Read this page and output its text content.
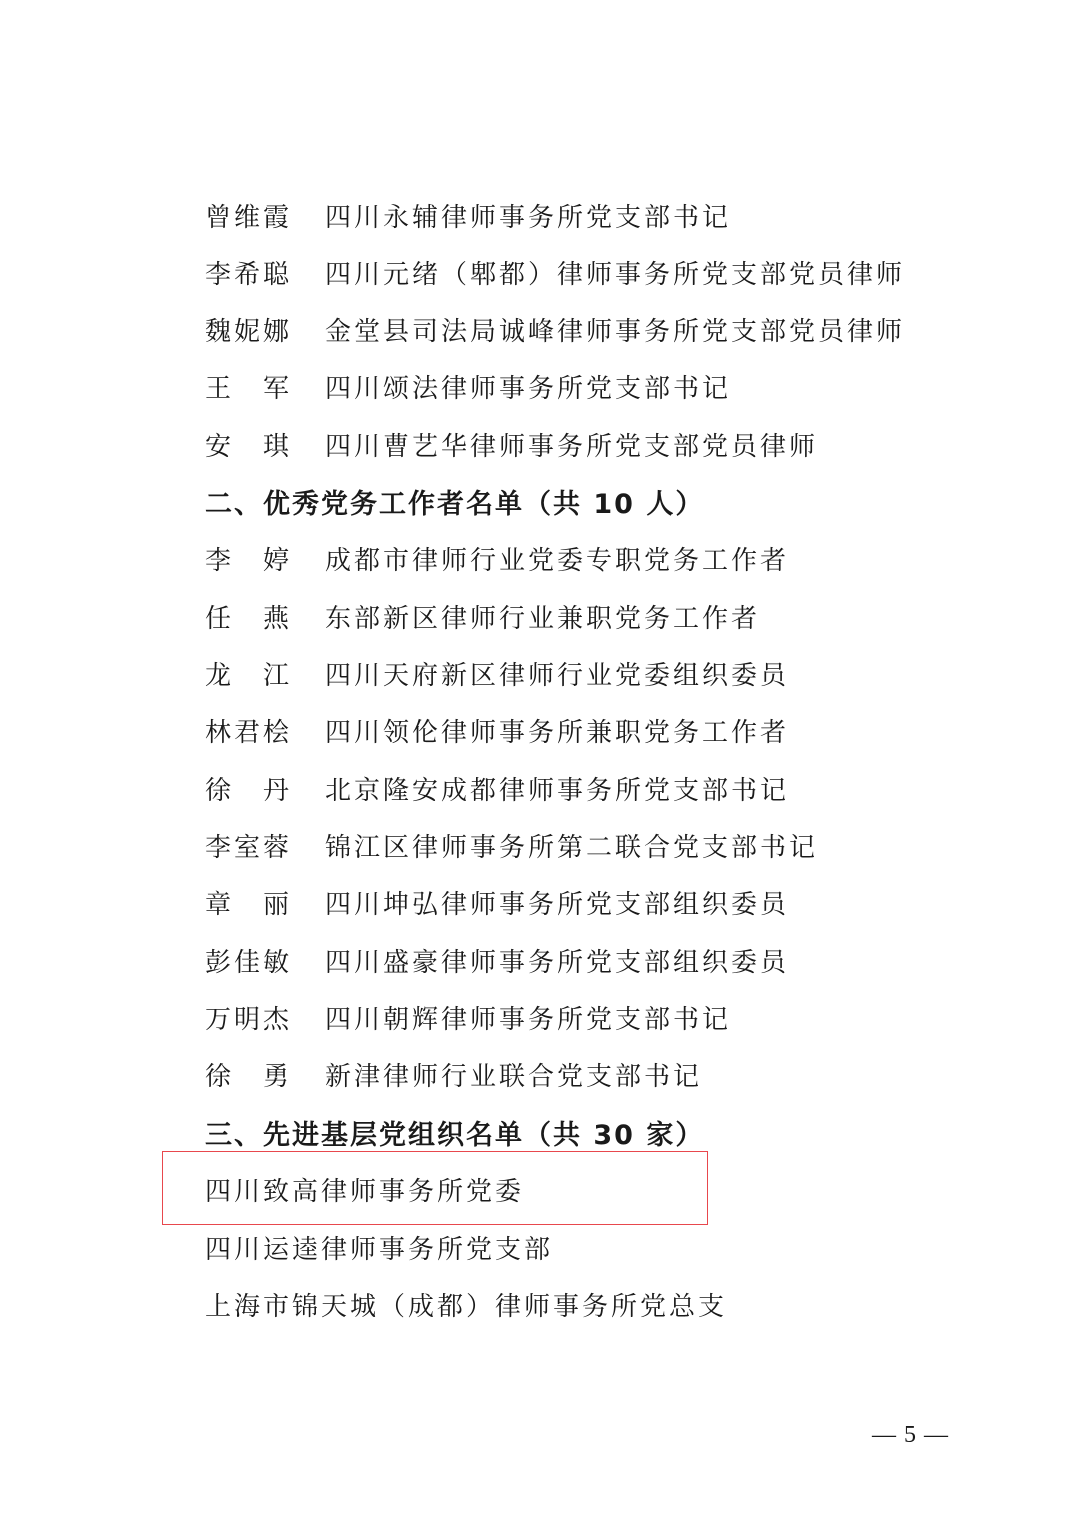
曾维霞 四川永辅律师事务所党支部书记
李希聪 四川元绪（郫都）律师事务所党支部党员律师
魏妮娜 金堂县司法局诚峰律师事务所党支部党员律师
王　军 四川颂法律师事务所党支部书记
安　琪 四川曹艺华律师事务所党支部党员律师
二、优秀党务工作者名单（共 10 人）
李　婷 成都市律师行业党委专职党务工作者
任　燕 东部新区律师行业兼职党务工作者
龙　江 四川天府新区律师行业党委组织委员
林君桧 四川领伦律师事务所兼职党务工作者
徐　丹 北京隆安成都律师事务所党支部书记
李室蓉 锦江区律师事务所第二联合党支部书记
章　丽 四川坤弘律师事务所党支部组织委员
彭佳敏 四川盛豪律师事务所党支部组织委员
万明杰 四川朝辉律师事务所党支部书记
徐　勇 新津律师行业联合党支部书记
三、先进基层党组织名单（共 30 家）
四川致高律师事务所党委
四川运逵律师事务所党支部
上海市锦天城（成都）律师事务所党总支
— 5 —
